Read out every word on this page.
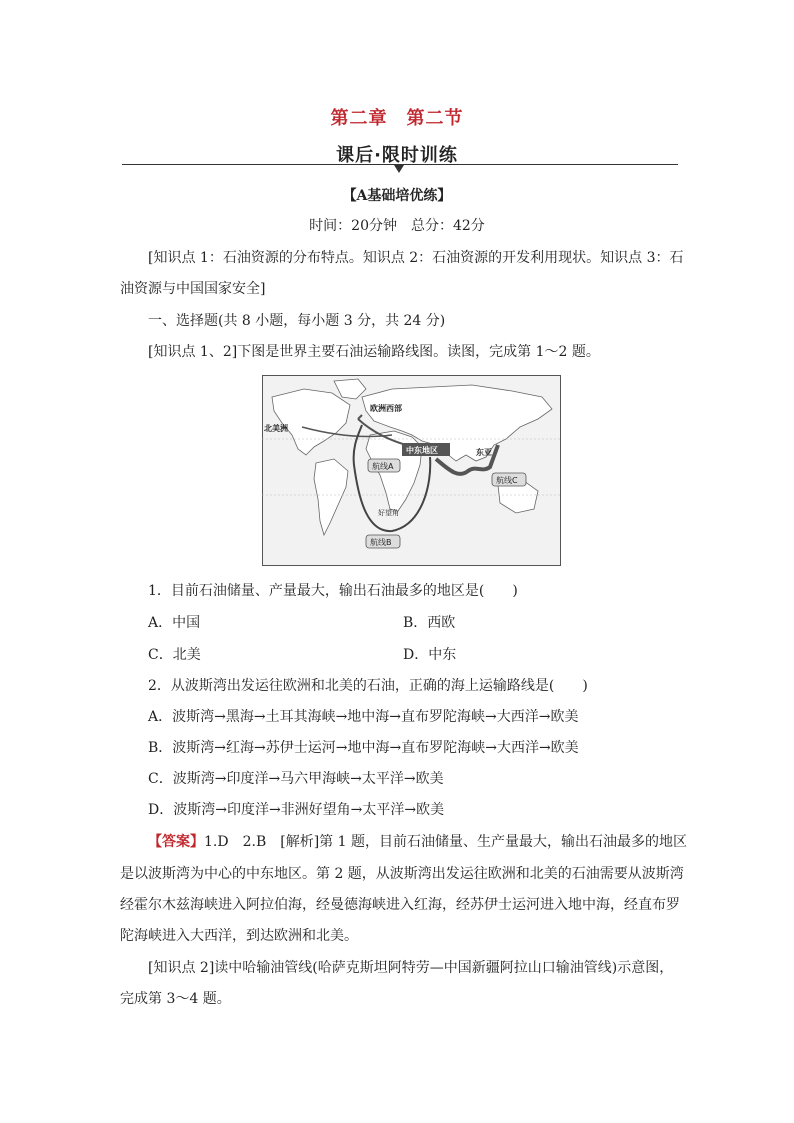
第二章　第二节
课后·限时训练
【A基础培优练】
时间：20分钟　总分：42分
[知识点 1：石油资源的分布特点。知识点 2：石油资源的开发利用现状。知识点 3：石
油资源与中国国家安全]
一、选择题(共 8 小题，每小题 3 分，共 24 分)
[知识点 1、2]下图是世界主要石油运输路线图。读图，完成第 1～2 题。
欧洲西部
北美洲
中东地区	东亚
好望角
航线A
航线B
航线C
1．目前石油储量、产量最大，输出石油最多的地区是(　　)
A．中国	B．西欧
C．北美	D．中东
2．从波斯湾出发运往欧洲和北美的石油，正确的海上运输路线是(　　)
A．波斯湾→黑海→土耳其海峡→地中海→直布罗陀海峡→大西洋→欧美
B．波斯湾→红海→苏伊士运河→地中海→直布罗陀海峡→大西洋→欧美
C．波斯湾→印度洋→马六甲海峡→太平洋→欧美
D．波斯湾→印度洋→非洲好望角→太平洋→欧美
【答案】1.D　2.B　[解析]第 1 题，目前石油储量、生产量最大，输出石油最多的地区
是以波斯湾为中心的中东地区。第 2 题，从波斯湾出发运往欧洲和北美的石油需要从波斯湾
经霍尔木兹海峡进入阿拉伯海，经曼德海峡进入红海，经苏伊士运河进入地中海，经直布罗
陀海峡进入大西洋，到达欧洲和北美。
[知识点 2]读中哈输油管线(哈萨克斯坦阿特劳—中国新疆阿拉山口输油管线)示意图，
完成第 3～4 题。
